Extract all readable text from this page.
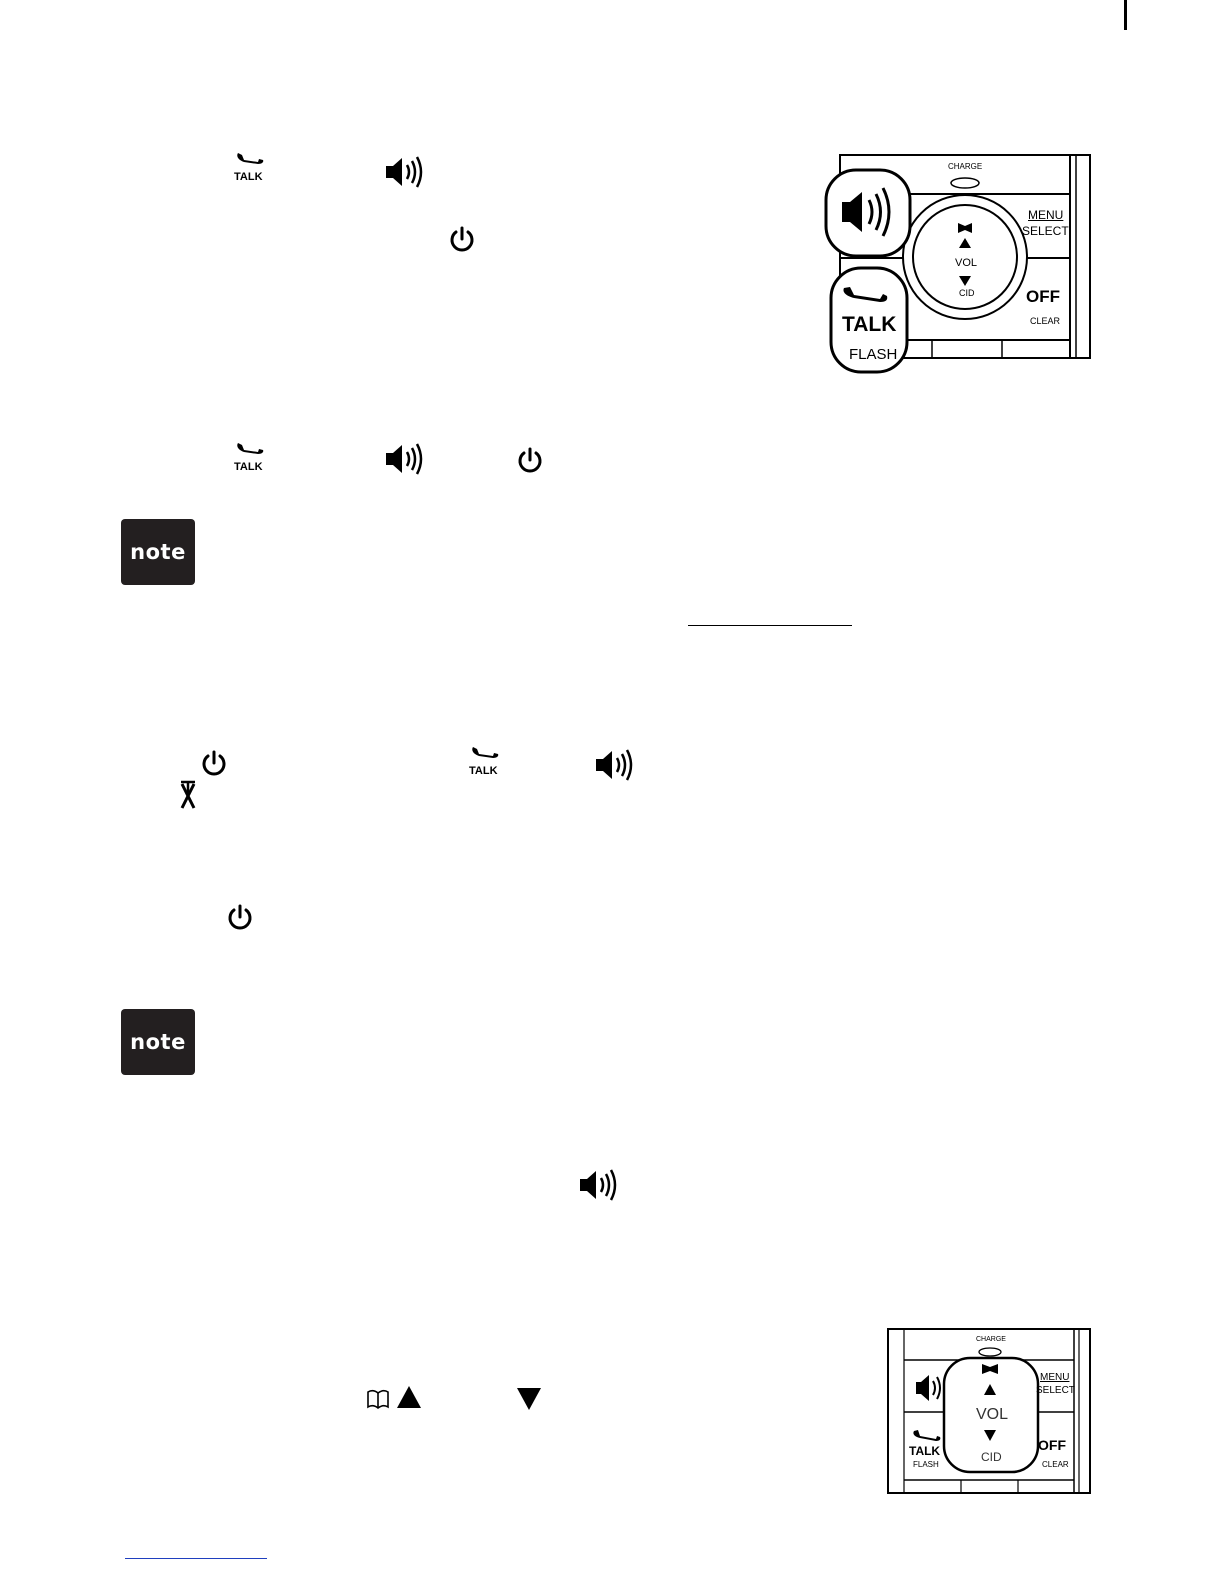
TALK
CHARGE
VOL
CID
MENU
SELECT
OFF
CLEAR
TALK
FLASH
TALK
note
TALK
note
CHARGE
VOL
CID
MENU
SELECT
OFF
CLEAR
TALK
FLASH
